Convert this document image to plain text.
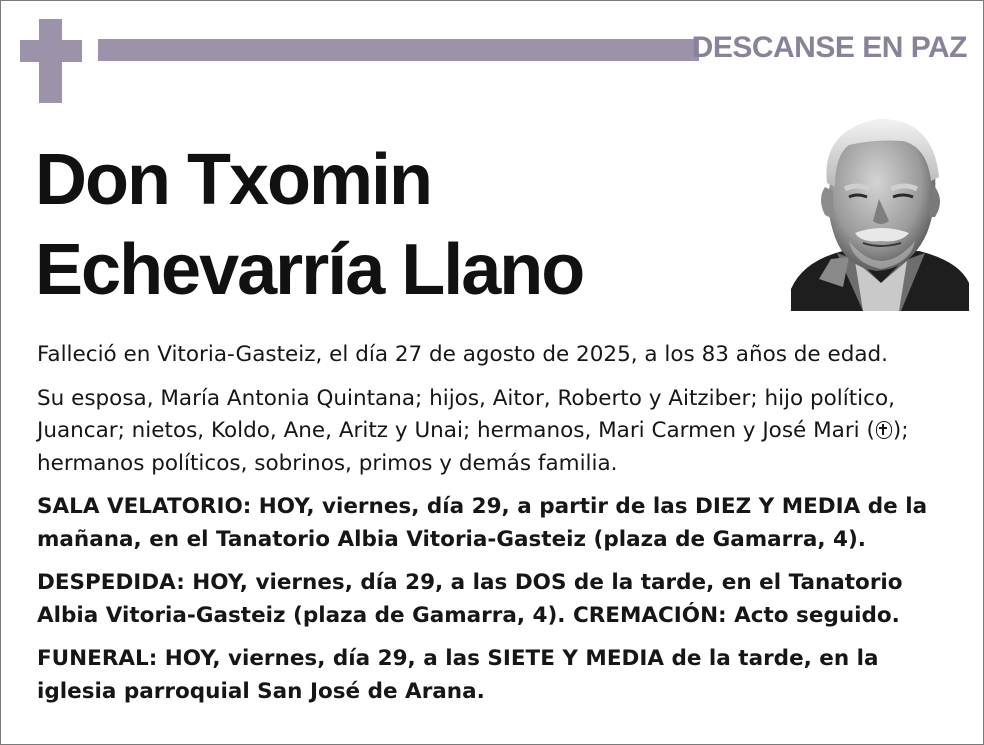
DESCANSE EN PAZ
Don Txomin
Echevarría Llano

Falleció en Vitoria-Gasteiz, el día 27 de agosto de 2025, a los 83 años de edad.

Su esposa, María Antonia Quintana; hijos, Aitor, Roberto y Aitziber; hijo político, Juancar; nietos, Koldo, Ane, Aritz y Unai; hermanos, Mari Carmen y José Mari ( ); hermanos políticos, sobrinos, primos y demás familia.

SALA VELATORIO: HOY, viernes, día 29, a partir de las DIEZ Y MEDIA de la mañana, en el Tanatorio Albia Vitoria-Gasteiz (plaza de Gamarra, 4).

DESPEDIDA: HOY, viernes, día 29, a las DOS de la tarde, en el Tanatorio Albia Vitoria-Gasteiz (plaza de Gamarra, 4). CREMACIÓN: Acto seguido.

FUNERAL: HOY, viernes, día 29, a las SIETE Y MEDIA de la tarde, en la iglesia parroquial San José de Arana.
